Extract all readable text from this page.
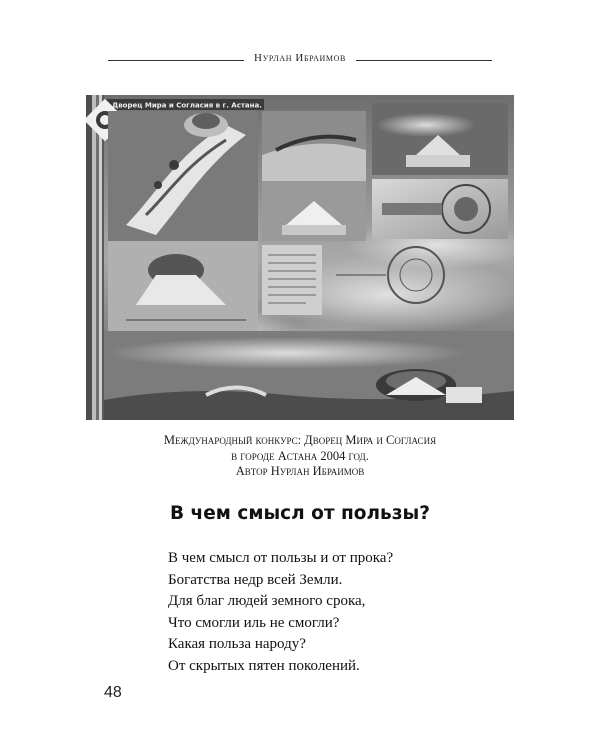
Нурлан Ибраимов
Дворец Мира и Согласия в г. Астана.
Международный конкурс: Дворец Мира и Согласия
в городе Астана 2004 год.
Автор Нурлан Ибраимов
В чем смысл от пользы?
В чем смысл от пользы и от прока?
Богатства недр всей Земли.
Для благ людей земного срока,
Что смогли иль не смогли?
Какая польза народу?
От скрытых пятен поколений.
48
